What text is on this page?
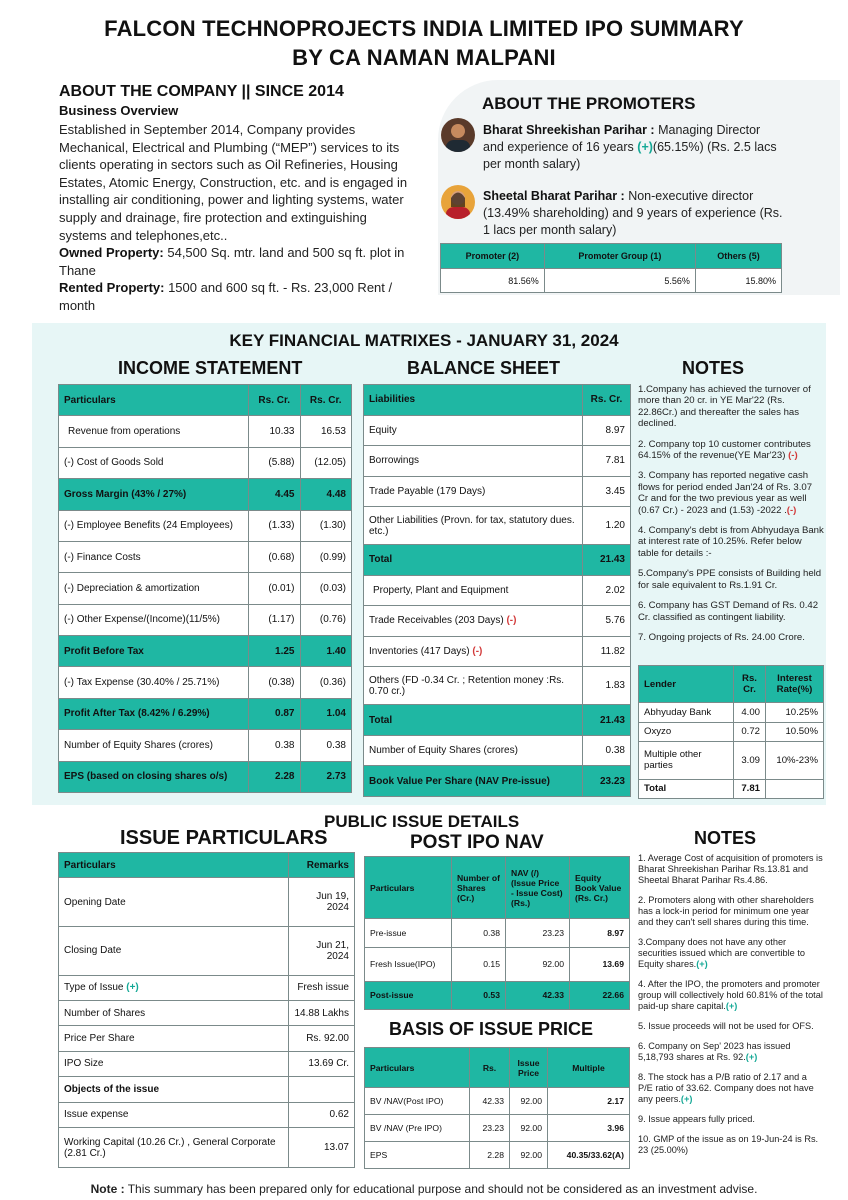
FALCON TECHNOPROJECTS INDIA LIMITED IPO SUMMARY
BY CA NAMAN MALPANI
ABOUT THE COMPANY || SINCE 2014
Business Overview
Established in September 2014, Company provides Mechanical, Electrical and Plumbing (“MEP”) services to its clients operating in sectors such as Oil Refineries, Housing Estates, Atomic Energy, Construction, etc. and is engaged in installing air conditioning, power and lighting systems, water supply and drainage, fire protection and extinguishing systems and telephones,etc..
Owned Property: 54,500 Sq. mtr. land and 500 sq ft. plot in Thane
Rented Property: 1500 and 600 sq ft. - Rs. 23,000 Rent / month
ABOUT THE PROMOTERS
Bharat Shreekishan Parihar : Managing Director and experience of 16 years (+)(65.15%) (Rs. 2.5 lacs per month salary)
Sheetal Bharat Parihar : Non-executive director (13.49% shareholding) and 9 years of experience (Rs. 1 lacs per month salary)
Promoter (2)	Promoter Group (1)	Others (5)
81.56%	5.56%	15.80%
KEY FINANCIAL MATRIXES - JANUARY 31, 2024
INCOME STATEMENT	BALANCE SHEET	NOTES
Particulars	Rs. Cr.	Rs. Cr.
Revenue from operations	10.33	16.53
(-) Cost of Goods Sold	(5.88)	(12.05)
Gross Margin (43% / 27%)	4.45	4.48
(-) Employee Benefits (24 Employees)	(1.33)	(1.30)
(-) Finance Costs	(0.68)	(0.99)
(-) Depreciation & amortization	(0.01)	(0.03)
(-) Other Expense/(Income)(11/5%)	(1.17)	(0.76)
Profit Before Tax	1.25	1.40
(-) Tax Expense (30.40% / 25.71%)	(0.38)	(0.36)
Profit After Tax (8.42% / 6.29%)	0.87	1.04
Number of Equity Shares (crores)	0.38	0.38
EPS (based on closing shares o/s)	2.28	2.73
Liabilities	Rs. Cr.
Equity	8.97
Borrowings	7.81
Trade Payable (179 Days)	3.45
Other Liabilities (Provn. for tax, statutory dues. etc.)	1.20
Total	21.43
Property, Plant and Equipment	2.02
Trade Receivables (203 Days) (-)	5.76
Inventories (417 Days) (-)	11.82
Others (FD -0.34 Cr. ; Retention money :Rs. 0.70 cr.)	1.83
Total	21.43
Number of Equity Shares (crores)	0.38
Book Value Per Share (NAV Pre-issue)	23.23

1.Company has achieved the turnover of more than 20 cr. in YE Mar'22 (Rs. 22.86Cr.) and thereafter the sales has declined.

2. Company top 10 customer contributes 64.15% of the revenue(YE Mar'23) (-)

3. Company has reported negative cash flows for period ended Jan'24 of Rs. 3.07 Cr and for the two previous year as well (0.67 Cr.) - 2023 and (1.53) -2022 .(-)

4. Company's debt is from Abhyudaya Bank at interest rate of 10.25%. Refer below table for details :-

5.Company's PPE consists of Building held for sale equivalent to Rs.1.91 Cr.

6. Company has GST Demand of Rs. 0.42 Cr. classified as contingent liability.

7. Ongoing projects of Rs. 24.00 Crore.

Lender	Rs. Cr.	Interest Rate(%)
Abhyuday Bank	4.00	10.25%
Oxyzo	0.72	10.50%
Multiple other parties	3.09	10%-23%
Total	7.81	
PUBLIC ISSUE DETAILS
ISSUE PARTICULARS	POST IPO NAV	NOTES
Particulars	Remarks
Opening Date	Jun 19, 2024
Closing Date	Jun 21, 2024
Type of Issue (+)	Fresh issue
Number of Shares	14.88 Lakhs
Price Per Share	Rs. 92.00
IPO Size	13.69 Cr.
Objects of the issue	
Issue expense	0.62
Working Capital (10.26 Cr.) , General Corporate (2.81 Cr.)	13.07
Particulars	Number of Shares (Cr.)	NAV (/) (Issue Price - Issue Cost) (Rs.)	Equity Book Value (Rs. Cr.)
Pre-issue	0.38	23.23	8.97
Fresh Issue(IPO)	0.15	92.00	13.69
Post-issue	0.53	42.33	22.66
BASIS OF ISSUE PRICE
Particulars	Rs.	Issue Price	Multiple
BV /NAV(Post IPO)	42.33	92.00	2.17
BV /NAV (Pre IPO)	23.23	92.00	3.96
EPS	2.28	92.00	40.35/33.62(A)

1. Average Cost of acquisition of promoters is Bharat Shreekishan Parihar Rs.13.81 and Sheetal Bharat Parihar Rs.4.86.

2. Promoters along with other shareholders has a lock-in period for minimum one year and they can't sell shares during this time.

3.Company does not have any other securities issued which are convertible to Equity shares.(+)

4. After the IPO, the promoters and promoter group will collectively hold 60.81% of the total paid-up share capital.(+)

5. Issue proceeds will not be used for OFS.

6. Company on Sep' 2023 has issued 5,18,793 shares at Rs. 92.(+)

8. The stock has a P/B ratio of 2.17 and a P/E ratio of 33.62. Company does not have any peers.(+)

9. Issue appears fully priced.

10. GMP of the issue as on 19-Jun-24 is Rs. 23 (25.00%)

Note : This summary has been prepared only for educational purpose and should not be considered as an investment advise.
